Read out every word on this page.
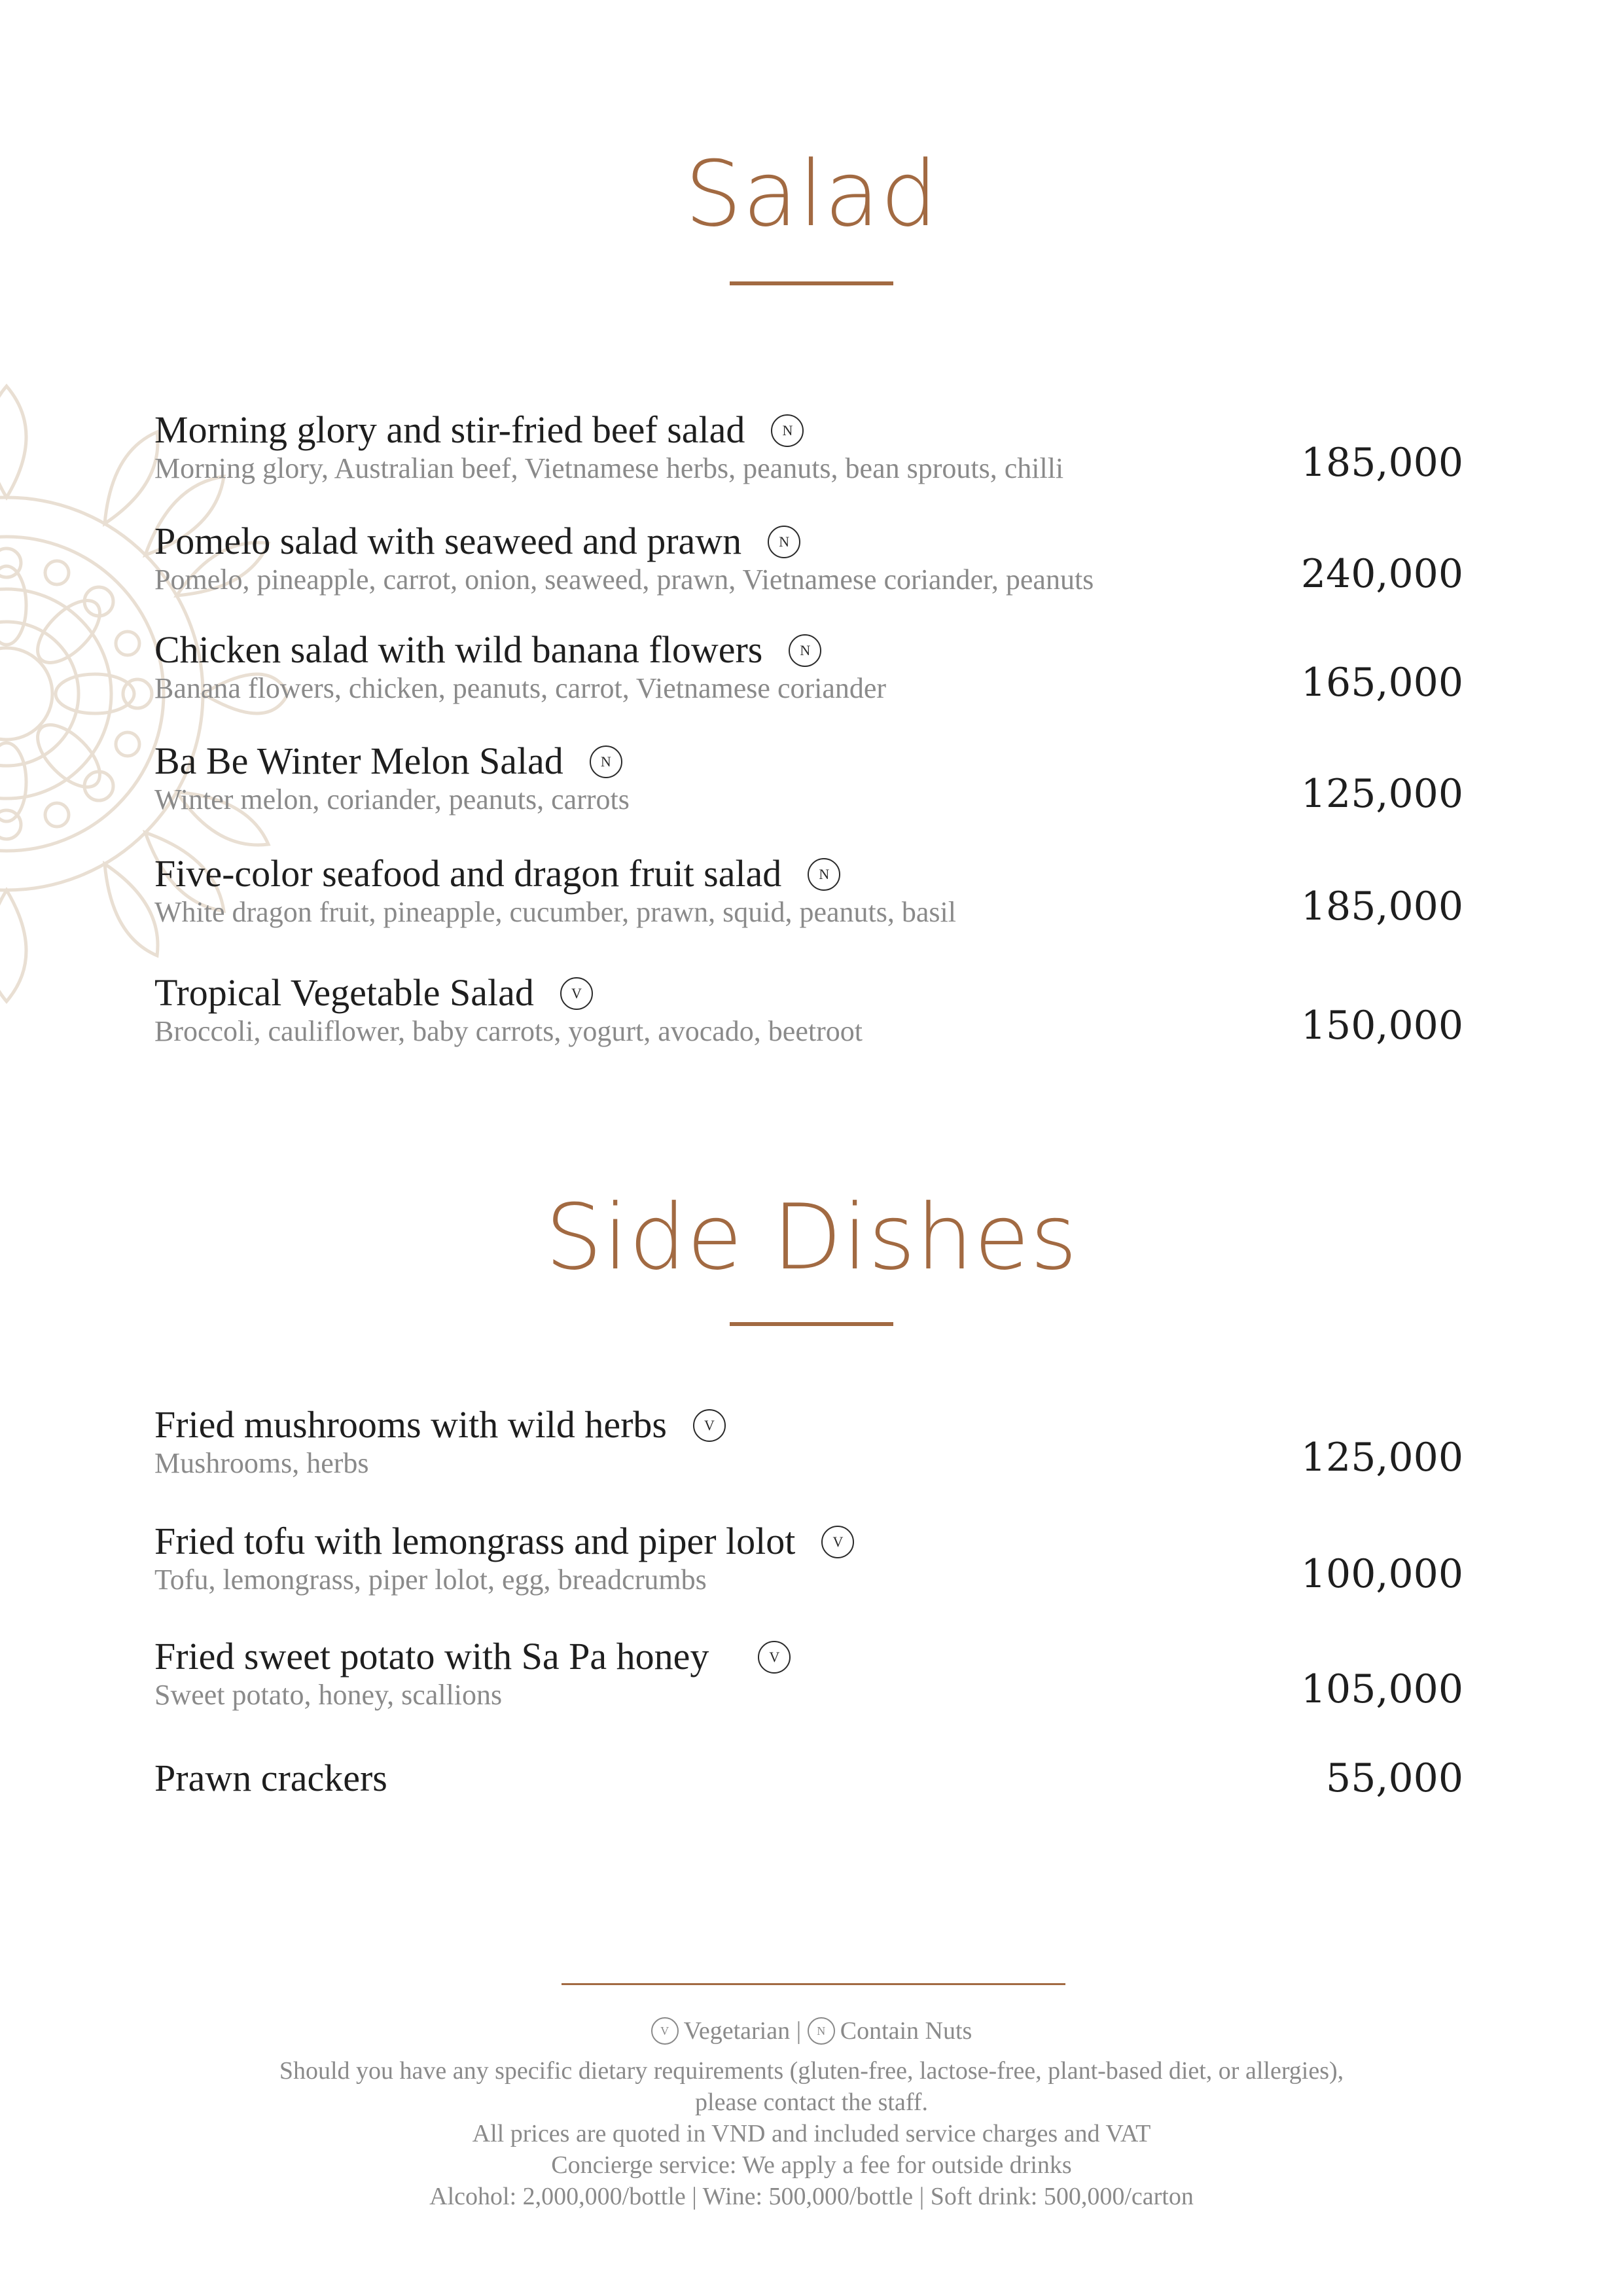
Salad
Morning glory and stir-fried beef salad	N
Morning glory, Australian beef, Vietnamese herbs, peanuts, bean sprouts, chilli	185,000
Pomelo salad with seaweed and prawn	N
Pomelo, pineapple, carrot, onion, seaweed, prawn, Vietnamese coriander, peanuts	240,000
Chicken salad with wild banana flowers	N
Banana flowers, chicken, peanuts, carrot, Vietnamese coriander	165,000
Ba Be Winter Melon Salad	N
Winter melon, coriander, peanuts, carrots	125,000
Five-color seafood and dragon fruit salad	N
White dragon fruit, pineapple, cucumber, prawn, squid, peanuts, basil	185,000
Tropical Vegetable Salad	V
Broccoli, cauliflower, baby carrots, yogurt, avocado, beetroot	150,000
Side Dishes
Fried mushrooms with wild herbs	V
Mushrooms, herbs	125,000
Fried tofu with lemongrass and piper lolot	V
Tofu, lemongrass, piper lolot, egg, breadcrumbs	100,000
Fried sweet potato with Sa Pa honey	V
Sweet potato, honey, scallions	105,000
Prawn crackers	55,000
V Vegetarian | N Contain Nuts
Should you have any specific dietary requirements (gluten-free, lactose-free, plant-based diet, or allergies),
please contact the staff.
All prices are quoted in VND and included service charges and VAT
Concierge service: We apply a fee for outside drinks
Alcohol: 2,000,000/bottle | Wine: 500,000/bottle | Soft drink: 500,000/carton
